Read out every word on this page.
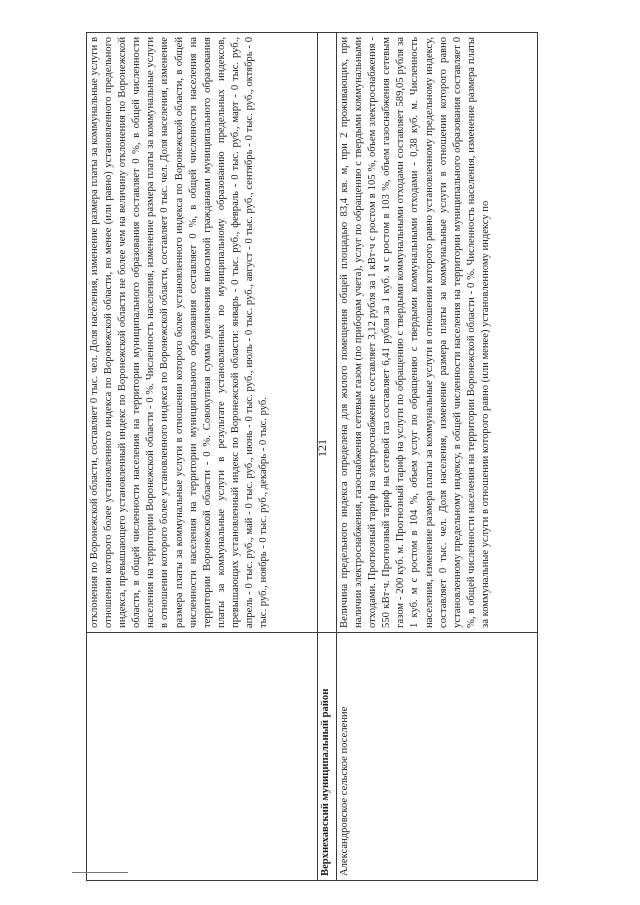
121

	отклонения по Воронежской области, составляет 0 тыс. чел. Доля населения, изменение размера платы за коммунальные услуги в отношении которого более установленного индекса по Воронежской области, но менее (или равно) установленного предельного индекса, превышающего установленный индекс по Воронежской области не более чем на величину отклонения по Воронежской области, в общей численности населения на территории муниципального образования составляет 0 %, в общей численности населения на территории Воронежской области - 0 %. Численность населения, изменение размера платы за коммунальные услуги в отношении которого более установленного индекса по Воронежской области, составляет 0 тыс. чел. Доля населения, изменение размера платы за коммунальные услуги в отношении которого более установленного индекса по Воронежской области, в общей численности населения на территории муниципального образования составляет 0 %, в общей численности населения на территории Воронежской области - 0 %. Совокупная сумма увеличения вносимой гражданами муниципального образования платы за коммунальные услуги в результате установленных по муниципальному образованию предельных индексов, превышающих установленный индекс по Воронежской области: январь - 0 тыс. руб., февраль - 0 тыс. руб., март - 0 тыс. руб., апрель - 0 тыс. руб., май - 0 тыс. руб., июнь - 0 тыс. руб., июль - 0 тыс. руб., август - 0 тыс. руб., сентябрь - 0 тыс. руб., октябрь - 0 тыс. руб., ноябрь - 0 тыс. руб., декабрь - 0 тыс. руб.

Верхнехавский муниципальный район	

Александровское сельское поселение	Величина предельного индекса определена для жилого помещения общей площадью 83,4 кв. м, при 2 проживающих, при наличии электроснабжения, газоснабжения сетевым газом (по приборам учета), услуг по обращению с твердыми коммунальными отходами. Прогнозный тариф на электроснабжение составляет 3,12 рубля за 1 кВт·ч с ростом в 105 %, объем электроснабжения - 550 кВт·ч. Прогнозный тариф на сетевой газ составляет 6,41 рубля за 1 куб. м с ростом в 103 %, объем газоснабжения сетевым газом - 200 куб. м. Прогнозный тариф на услуги по обращению с твердыми коммунальными отходами составляет 589,05 рубля за 1 куб. м с ростом в 104 %, объем услуг по обращению с твердыми коммунальными отходами - 0,38 куб. м. Численность населения, изменение размера платы за коммунальные услуги в отношении которого равно установленному предельному индексу, составляет 0 тыс. чел. Доля населения, изменение размера платы за коммунальные услуги в отношении которого равно установленному предельному индексу, в общей численности населения на территории муниципального образования составляет 0 %, в общей численности населения на территории Воронежской области - 0 %. Численность населения, изменение размера платы за коммунальные услуги в отношении которого равно (или менее) установленному индексу по
